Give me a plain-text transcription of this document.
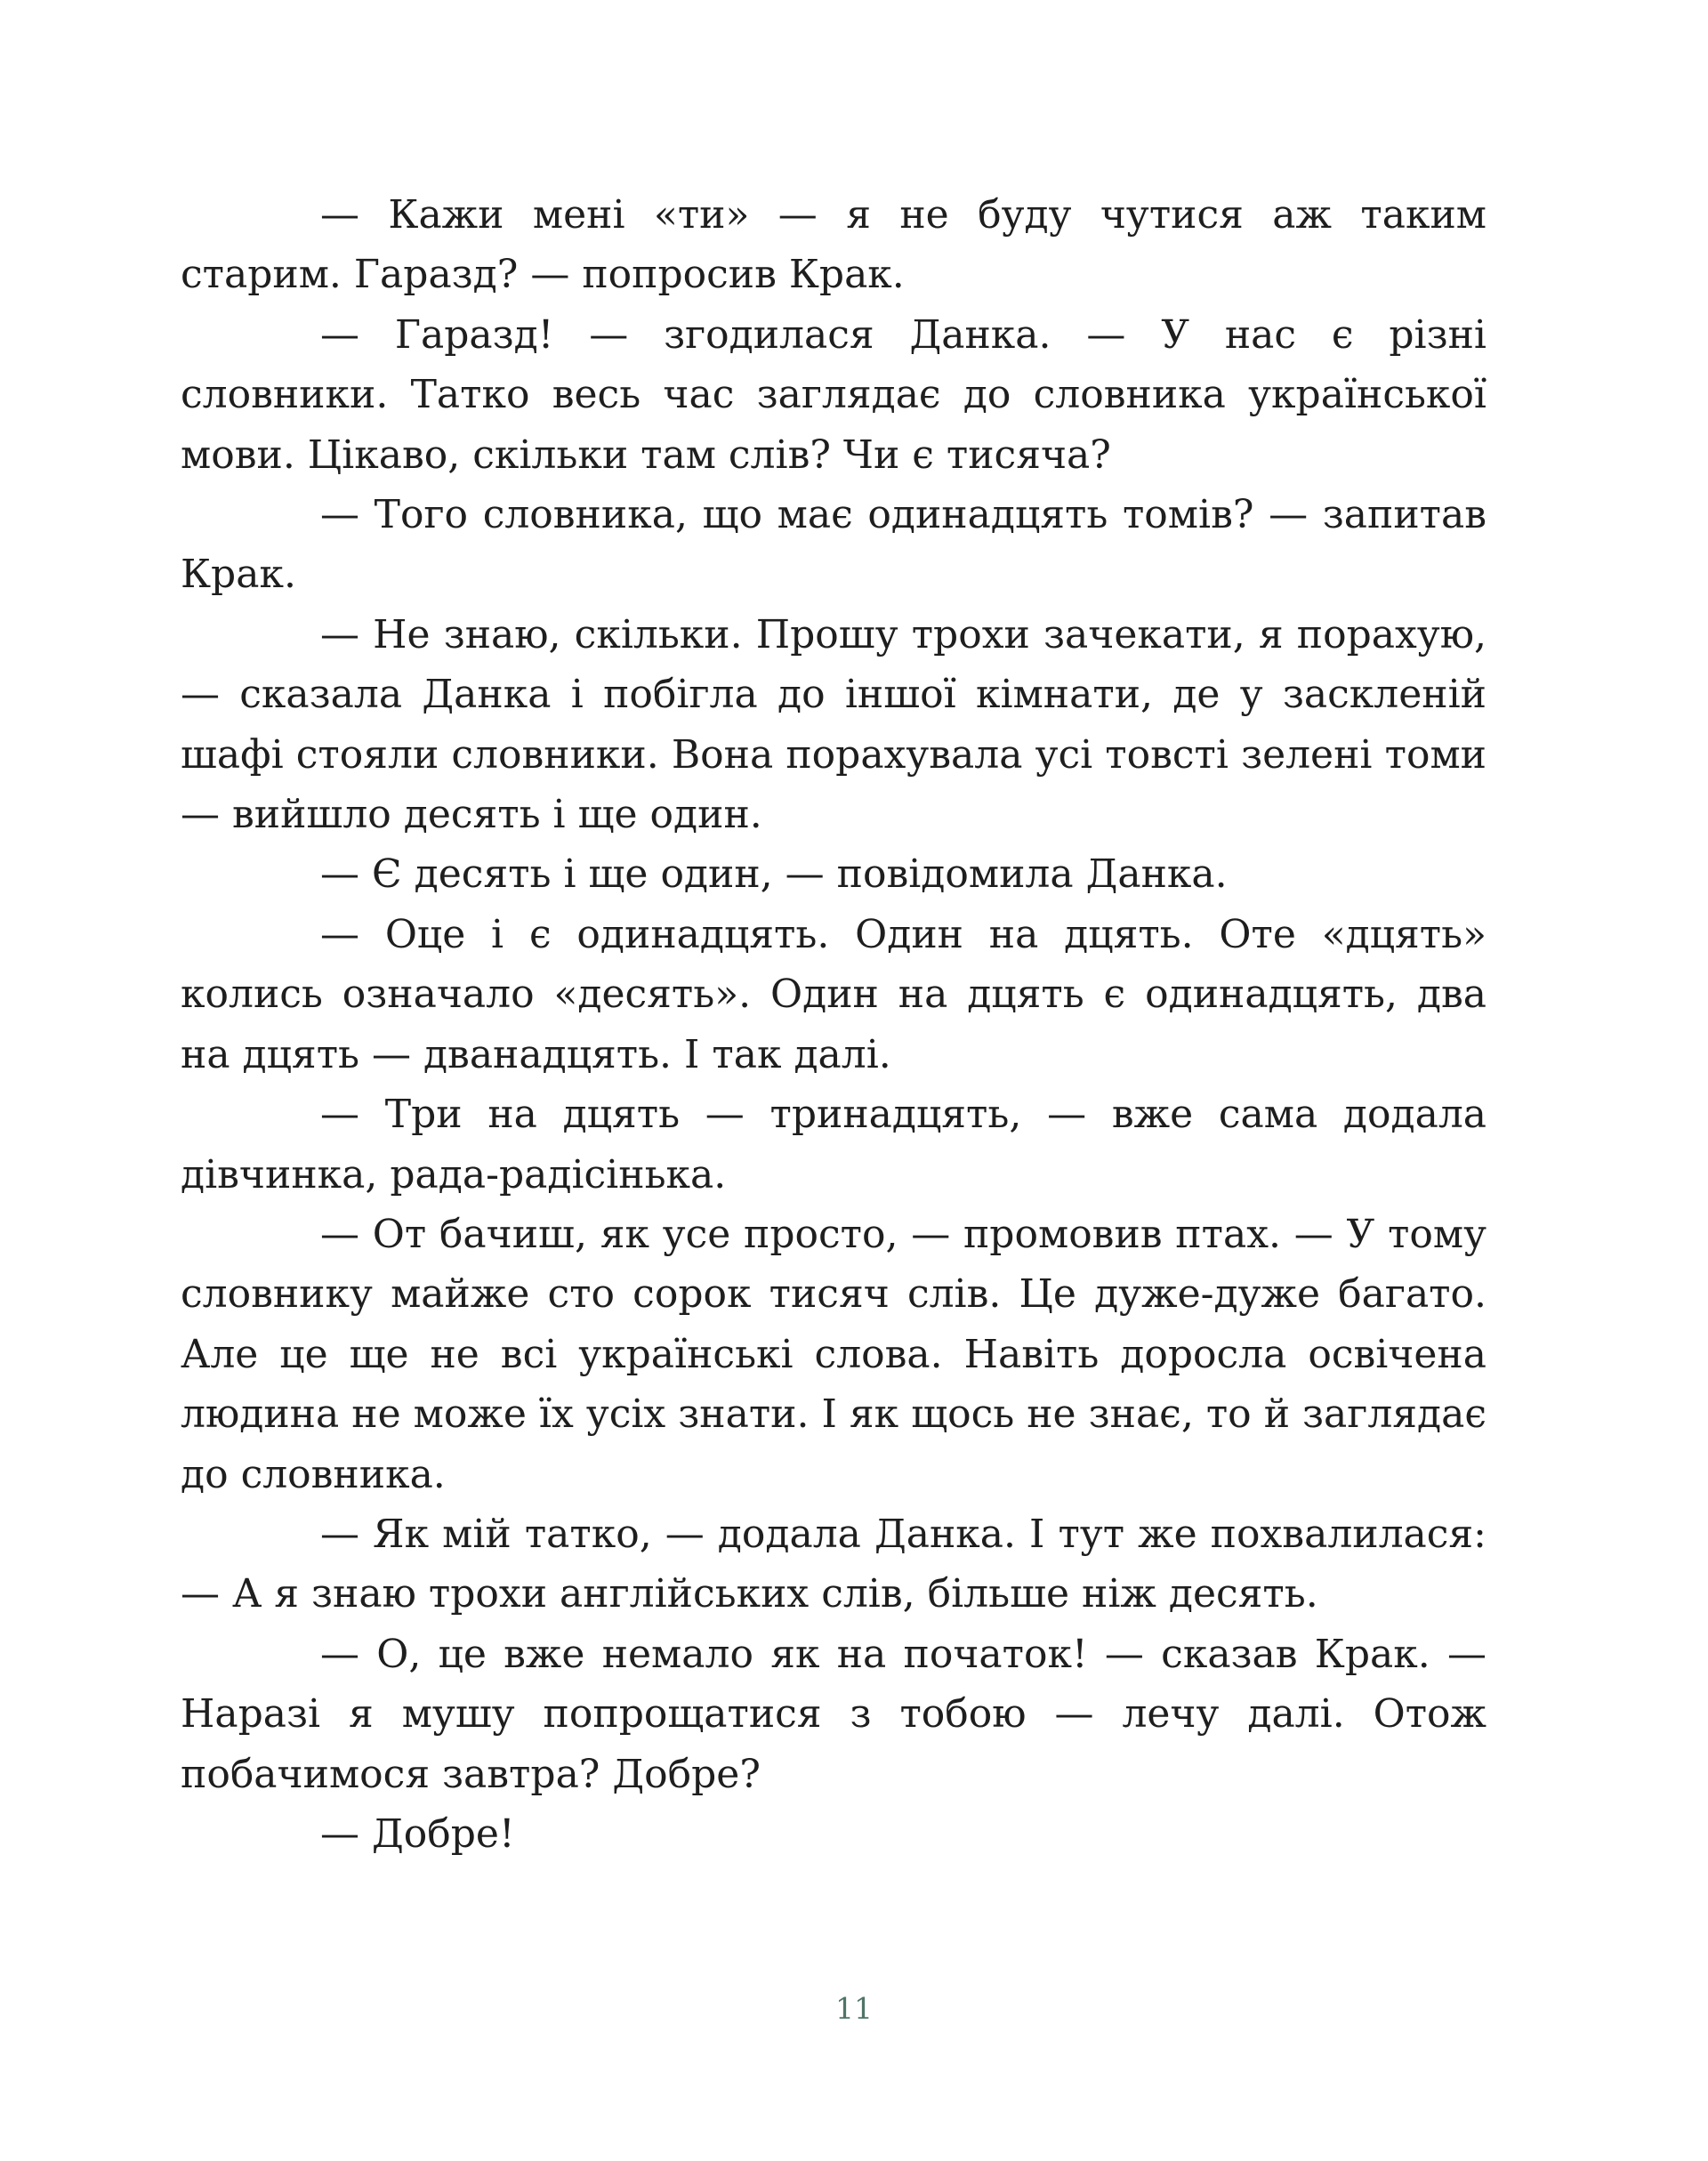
— Кажи мені «ти» — я не буду чутися аж таким старим. Гаразд? — попросив Крак.

— Гаразд! — згодилася Данка. — У нас є різні словники. Татко весь час заглядає до словника української мови. Цікаво, скільки там слів? Чи є тисяча?

— Того словника, що має одинадцять томів? — запитав Крак.

— Не знаю, скільки. Прошу трохи зачекати, я порахую, — сказала Данка і побігла до іншої кімнати, де у засклeній шафі стояли словники. Вона порахувала усі товсті зелені томи — вийшло десять і ще один.

— Є десять і ще один, — повідомила Данка.

— Оце і є одинадцять. Один на дцять. Оте «дцять» колись означало «десять». Один на дцять є одинадцять, два на дцять — дванадцять. І так далі.

— Три на дцять — тринадцять, — вже сама додала дівчинка, рада-радісінька.

— От бачиш, як усе просто, — промовив птах. — У тому словнику майже сто сорок тисяч слів. Це дуже-дуже багато. Але це ще не всі українські слова. Навіть доросла освічена людина не може їх усіх знати. І як щось не знає, то й заглядає до словника.

— Як мій татко, — додала Данка. І тут же похвалилася: — А я знаю трохи англійських слів, більше ніж десять.

— О, це вже немало як на початок! — сказав Крак. — Наразі я мушу попрощатися з тобою — лечу далі. Отож побачимося завтра? Добре?

— Добре!

11
